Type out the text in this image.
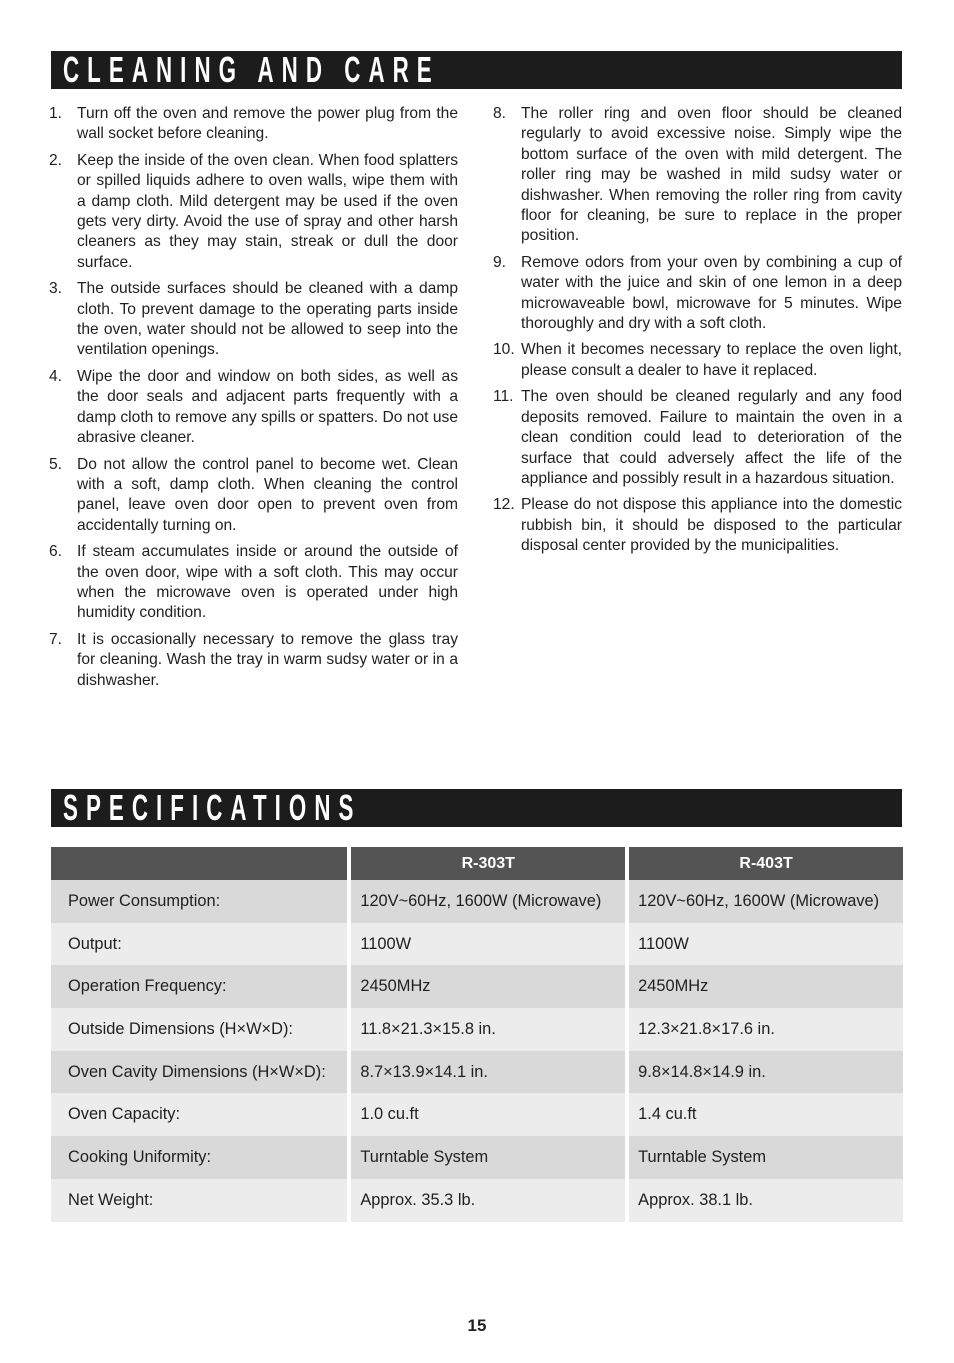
CLEANING AND CARE
1. Turn off the oven and remove the power plug from the wall socket before cleaning.
2. Keep the inside of the oven clean. When food splatters or spilled liquids adhere to oven walls, wipe them with a damp cloth. Mild detergent may be used if the oven gets very dirty. Avoid the use of spray and other harsh cleaners as they may stain, streak or dull the door surface.
3. The outside surfaces should be cleaned with a damp cloth. To prevent damage to the operating parts inside the oven, water should not be allowed to seep into the ventilation openings.
4. Wipe the door and window on both sides, as well as the door seals and adjacent parts frequently with a damp cloth to remove any spills or spatters. Do not use abrasive cleaner.
5. Do not allow the control panel to become wet. Clean with a soft, damp cloth. When cleaning the control panel, leave oven door open to prevent oven from accidentally turning on.
6. If steam accumulates inside or around the outside of the oven door, wipe with a soft cloth. This may occur when the microwave oven is operated under high humidity condition.
7. It is occasionally necessary to remove the glass tray for cleaning. Wash the tray in warm sudsy water or in a dishwasher.
8. The roller ring and oven floor should be cleaned regularly to avoid excessive noise. Simply wipe the bottom surface of the oven with mild detergent. The roller ring may be washed in mild sudsy water or dishwasher. When removing the roller ring from cavity floor for cleaning, be sure to replace in the proper position.
9. Remove odors from your oven by combining a cup of water with the juice and skin of one lemon in a deep microwaveable bowl, microwave for 5 minutes. Wipe thoroughly and dry with a soft cloth.
10. When it becomes necessary to replace the oven light, please consult a dealer to have it replaced.
11. The oven should be cleaned regularly and any food deposits removed. Failure to maintain the oven in a clean condition could lead to deterioration of the surface that could adversely affect the life of the appliance and possibly result in a hazardous situation.
12. Please do not dispose this appliance into the domestic rubbish bin, it should be disposed to the particular disposal center provided by the municipalities.
SPECIFICATIONS
	R-303T	R-403T
Power Consumption:	120V~60Hz, 1600W (Microwave)	120V~60Hz, 1600W (Microwave)
Output:	1100W	1100W
Operation Frequency:	2450MHz	2450MHz
Outside Dimensions (H×W×D):	11.8×21.3×15.8 in.	12.3×21.8×17.6 in.
Oven Cavity Dimensions (H×W×D):	8.7×13.9×14.1 in.	9.8×14.8×14.9 in.
Oven Capacity:	1.0 cu.ft	1.4 cu.ft
Cooking Uniformity:	Turntable System	Turntable System
Net Weight:	Approx. 35.3 lb.	Approx. 38.1 lb.
15
